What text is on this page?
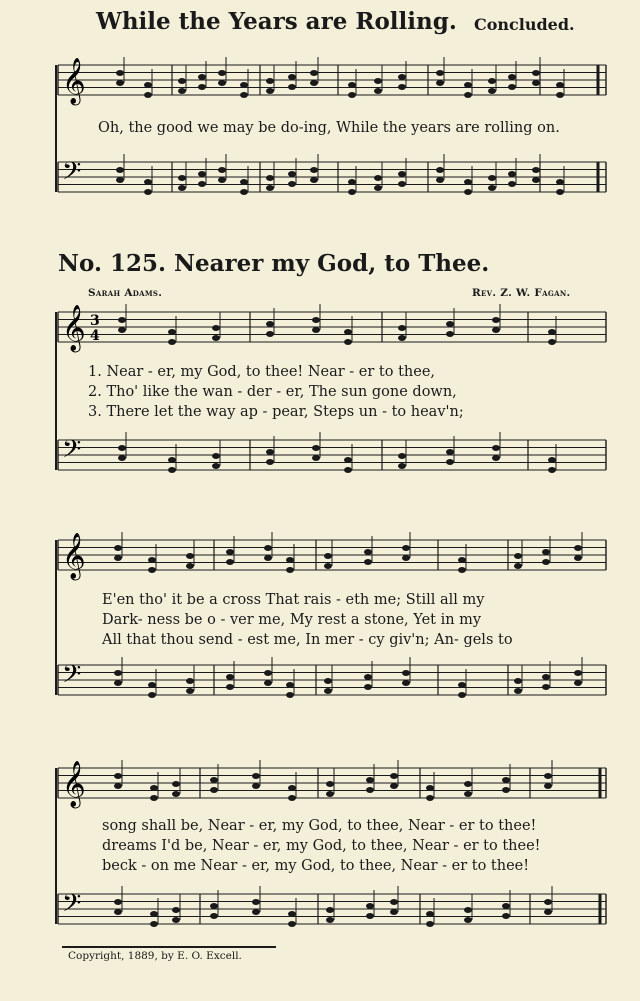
While the Years are Rolling. Concluded.
𝄞
𝄢
𝄞
𝄢
3
4
𝄞
𝄢
𝄞
𝄢
Oh, the good we may be do-ing, While the years are rolling on.
No. 125. Nearer my God, to Thee.
Sarah Adams.	Rev. Z. W. Fagan.
1. Near - er, my God, to thee! Near - er to thee,
2. Tho' like the wan - der - er, The sun gone down,
3. There let the way ap - pear, Steps un - to heav'n;
E'en tho' it be a cross That rais - eth me; Still all my
Dark- ness be o - ver me, My rest a stone, Yet in my
All that thou send - est me, In mer - cy giv'n; An- gels to
song shall be, Near - er, my God, to thee, Near - er to thee!
dreams I'd be, Near - er, my God, to thee, Near - er to thee!
beck - on me Near - er, my God, to thee, Near - er to thee!
Copyright, 1889, by E. O. Excell.
